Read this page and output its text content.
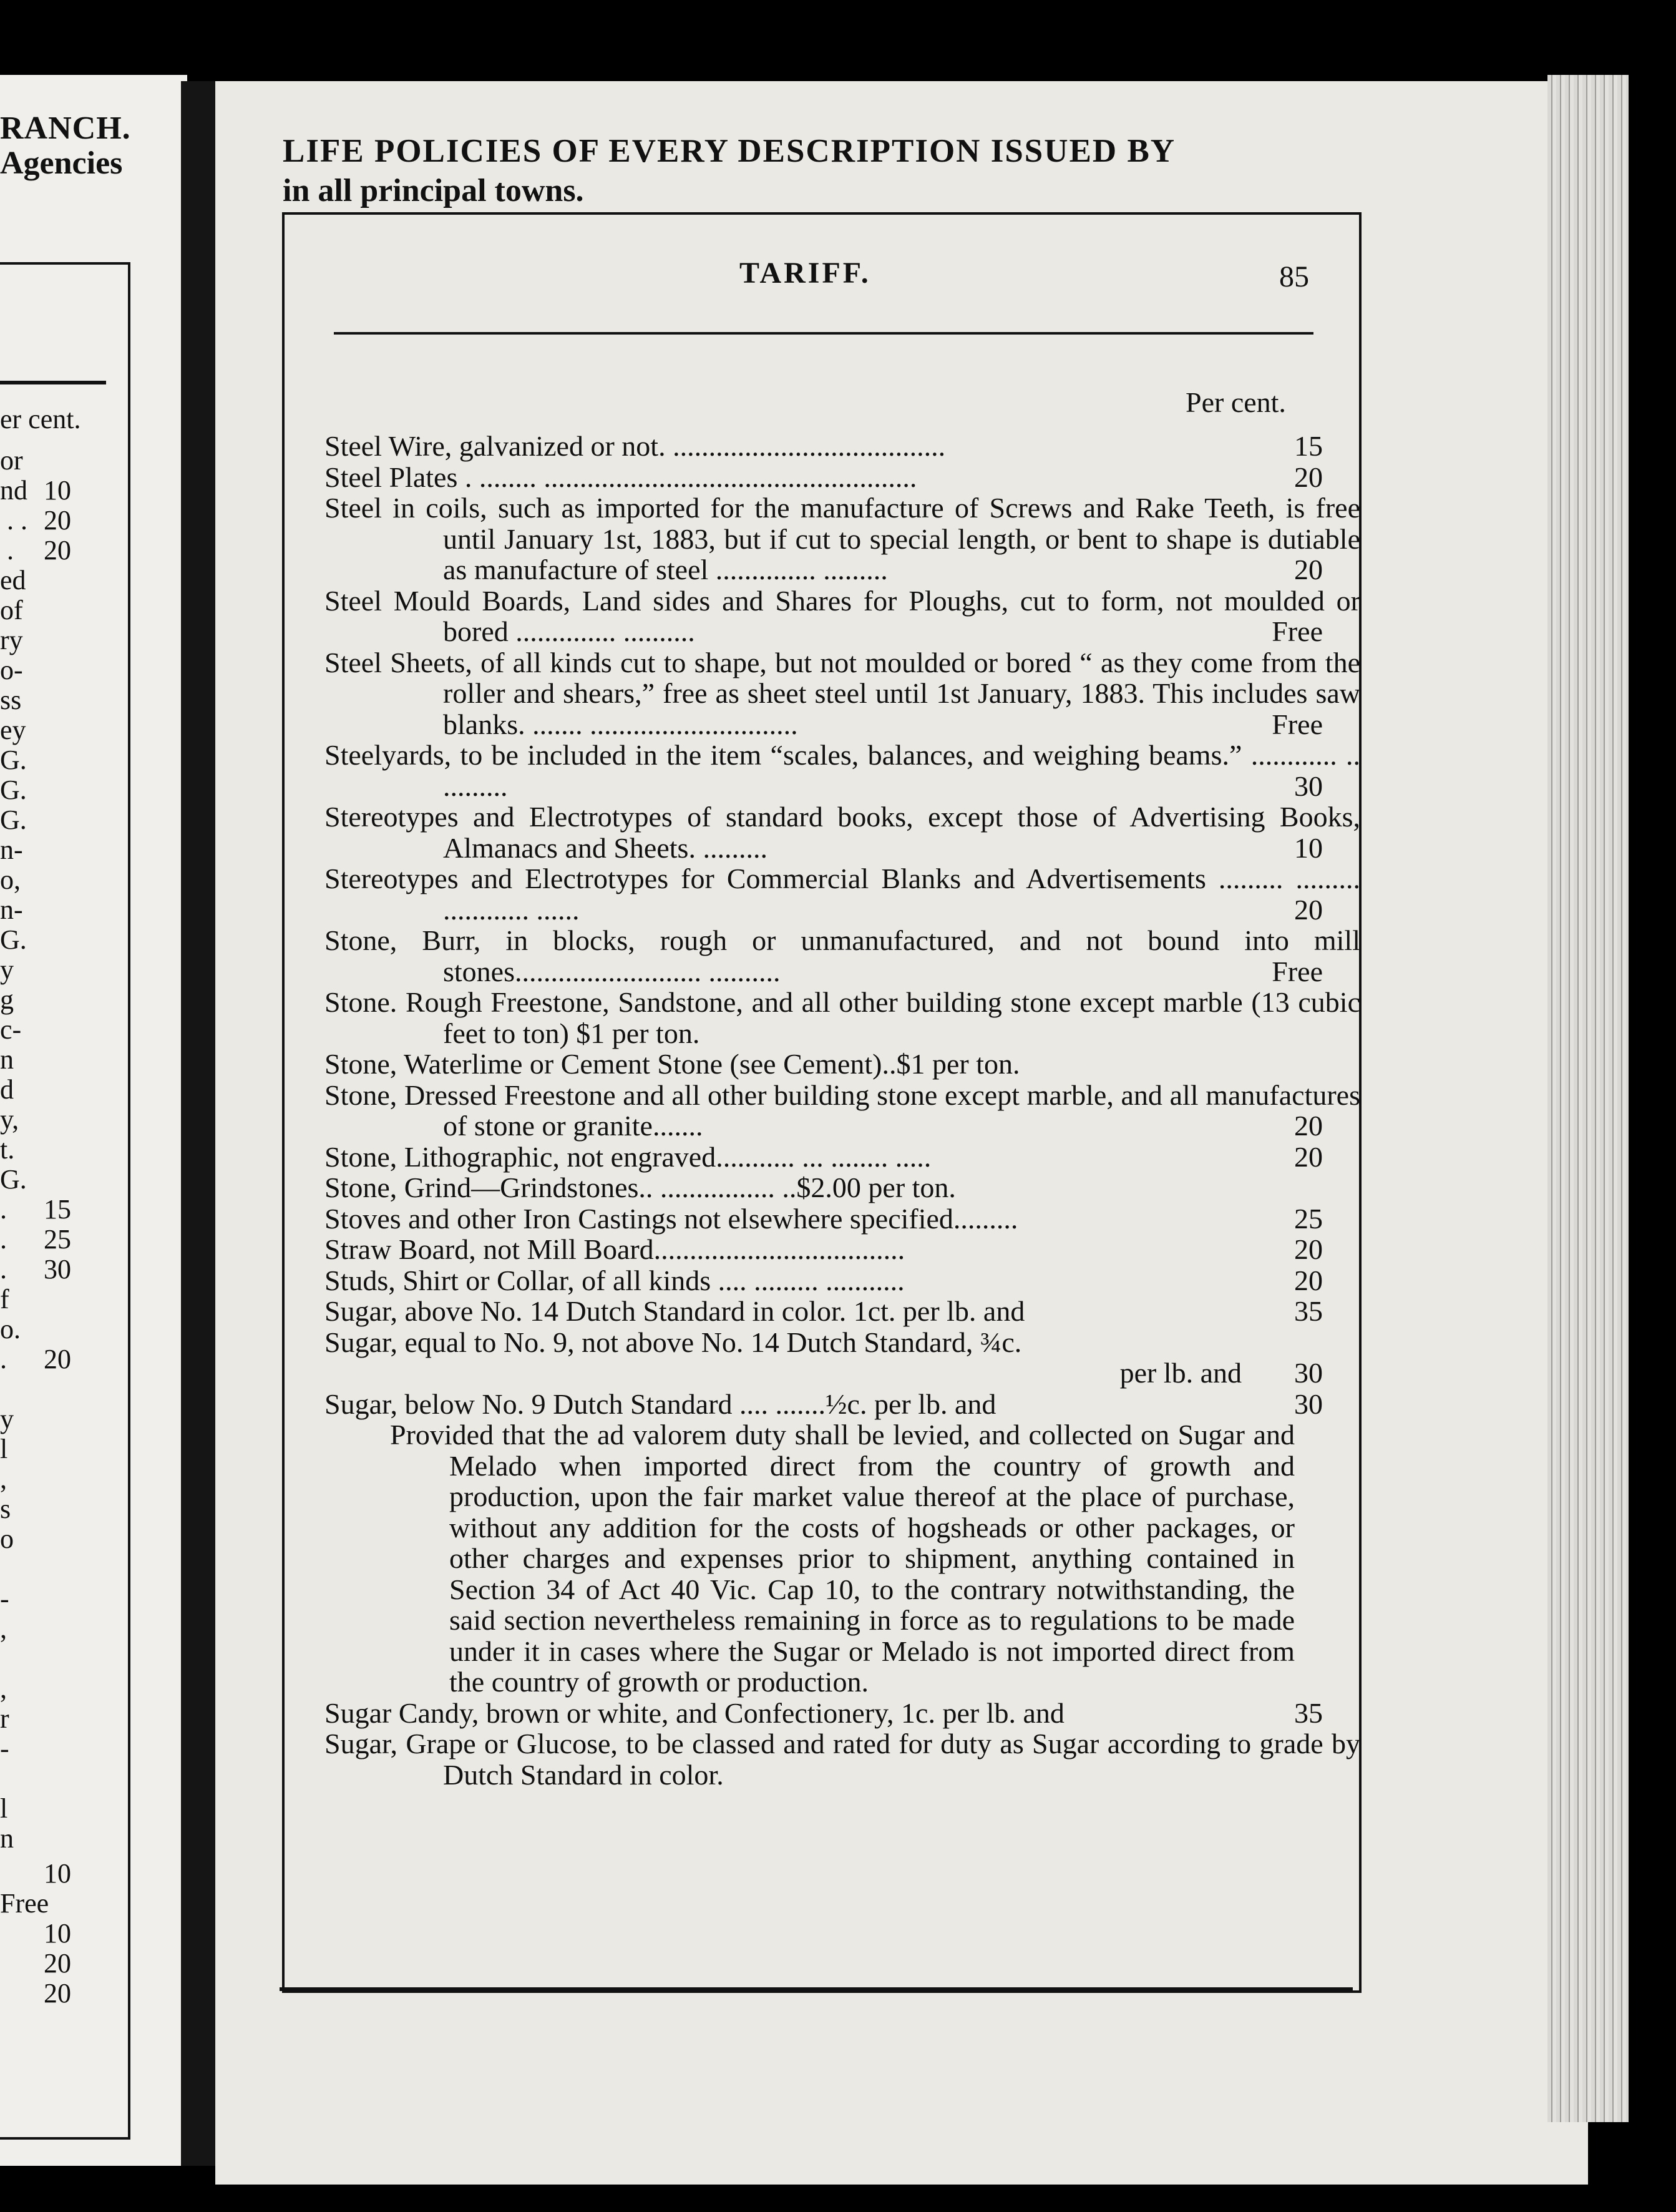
RANCH.
Agencies
er cent.
or
nd 10
. . 20
. 20
ed
of
ry
o-
ss
ey
G.
G.
G.
n-
o,
n-
G.
y
g
c-
n
d
y,
t.
G.
. 15
. 25
. 30
f
o.
. 20
y
l
,
s
o
-
,
,
r
-
l
n
10
Free
10
20
20
LIFE POLICIES OF EVERY DESCRIPTION ISSUED BY
in all principal towns.
TARIFF.	85
Per cent.
Steel Wire, galvanized or not. ......................................	15
Steel Plates . ........ ....................................................	20
Steel in coils, such as imported for the manufacture of Screws and Rake Teeth, is free until January 1st, 1883, but if cut to special length, or bent to shape is dutiable as manufacture of steel .............. .........	20
Steel Mould Boards, Land sides and Shares for Ploughs, cut to form, not moulded or bored .............. ..........	Free
Steel Sheets, of all kinds cut to shape, but not moulded or bored “ as they come from the roller and shears,” free as sheet steel until 1st January, 1883. This includes saw blanks. ....... .............................	Free
Steelyards, to be included in the item “scales, balances, and weighing beams.” ............ .. .........	30
Stereotypes and Electrotypes of standard books, except those of Advertising Books, Almanacs and Sheets. .........	10
Stereotypes and Electrotypes for Commercial Blanks and Advertisements ......... ......... ............ ......	20
Stone, Burr, in blocks, rough or unmanufactured, and not bound into mill stones.......................... ..........	Free
Stone. Rough Freestone, Sandstone, and all other building stone except marble (13 cubic feet to ton) $1 per ton.
Stone, Waterlime or Cement Stone (see Cement)..$1 per ton.
Stone, Dressed Freestone and all other building stone except marble, and all manufactures of stone or granite.......	20
Stone, Lithographic, not engraved........... ... ........ .....	20
Stone, Grind—Grindstones.. ................ ..$2.00 per ton.
Stoves and other Iron Castings not elsewhere specified.........	25
Straw Board, not Mill Board...................................	20
Studs, Shirt or Collar, of all kinds .... ......... ...........	20
Sugar, above No. 14 Dutch Standard in color. 1ct. per lb. and	35
Sugar, equal to No. 9, not above No. 14 Dutch Standard, ¾c.
per lb. and 30
Sugar, below No. 9 Dutch Standard .... .......½c. per lb. and	30
Provided that the ad valorem duty shall be levied, and collected on Sugar and Melado when imported direct from the country of growth and production, upon the fair market value thereof at the place of purchase, without any addition for the costs of hogsheads or other packages, or other charges and expenses prior to shipment, anything contained in Section 34 of Act 40 Vic. Cap 10, to the contrary notwithstanding, the said section nevertheless remaining in force as to regulations to be made under it in cases where the Sugar or Melado is not imported direct from the country of growth or production.
Sugar Candy, brown or white, and Confectionery, 1c. per lb. and	35
Sugar, Grape or Glucose, to be classed and rated for duty as Sugar according to grade by Dutch Standard in color.
